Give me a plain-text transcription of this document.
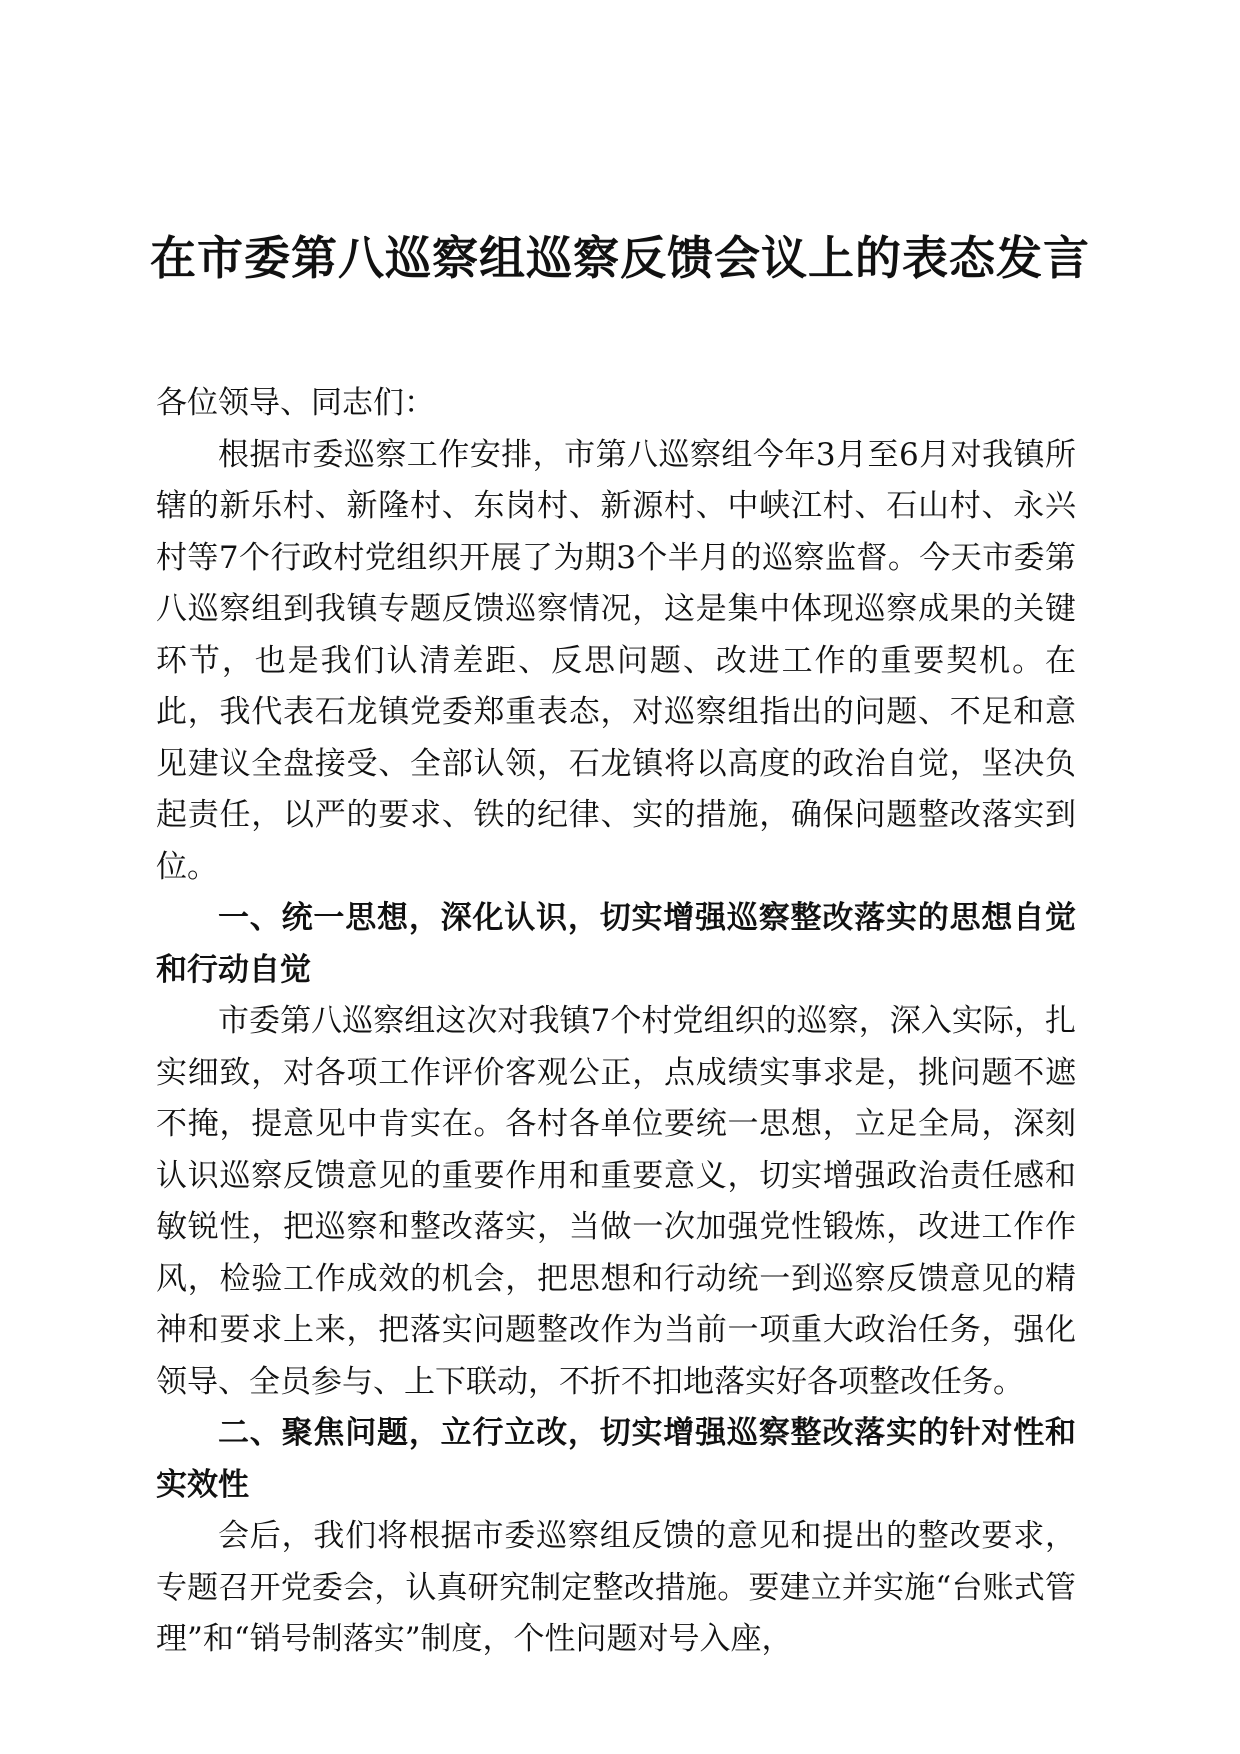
在市委第八巡察组巡察反馈会议上的表态发言

各位领导、同志们：

根据市委巡察工作安排，市第八巡察组今年3月至6月对我镇所辖的新乐村、新隆村、东岗村、新源村、中峡江村、石山村、永兴村等7个行政村党组织开展了为期3个半月的巡察监督。今天市委第八巡察组到我镇专题反馈巡察情况，这是集中体现巡察成果的关键环节，也是我们认清差距、反思问题、改进工作的重要契机。在此，我代表石龙镇党委郑重表态，对巡察组指出的问题、不足和意见建议全盘接受、全部认领，石龙镇将以高度的政治自觉，坚决负起责任，以严的要求、铁的纪律、实的措施，确保问题整改落实到位。

一、统一思想，深化认识，切实增强巡察整改落实的思想自觉和行动自觉

市委第八巡察组这次对我镇7个村党组织的巡察，深入实际，扎实细致，对各项工作评价客观公正，点成绩实事求是，挑问题不遮不掩，提意见中肯实在。各村各单位要统一思想，立足全局，深刻认识巡察反馈意见的重要作用和重要意义，切实增强政治责任感和敏锐性，把巡察和整改落实，当做一次加强党性锻炼，改进工作作风，检验工作成效的机会，把思想和行动统一到巡察反馈意见的精神和要求上来，把落实问题整改作为当前一项重大政治任务，强化领导、全员参与、上下联动，不折不扣地落实好各项整改任务。

二、聚焦问题，立行立改，切实增强巡察整改落实的针对性和实效性

会后，我们将根据市委巡察组反馈的意见和提出的整改要求，专题召开党委会，认真研究制定整改措施。要建立并实施“台账式管理”和“销号制落实”制度，个性问题对号入座，
